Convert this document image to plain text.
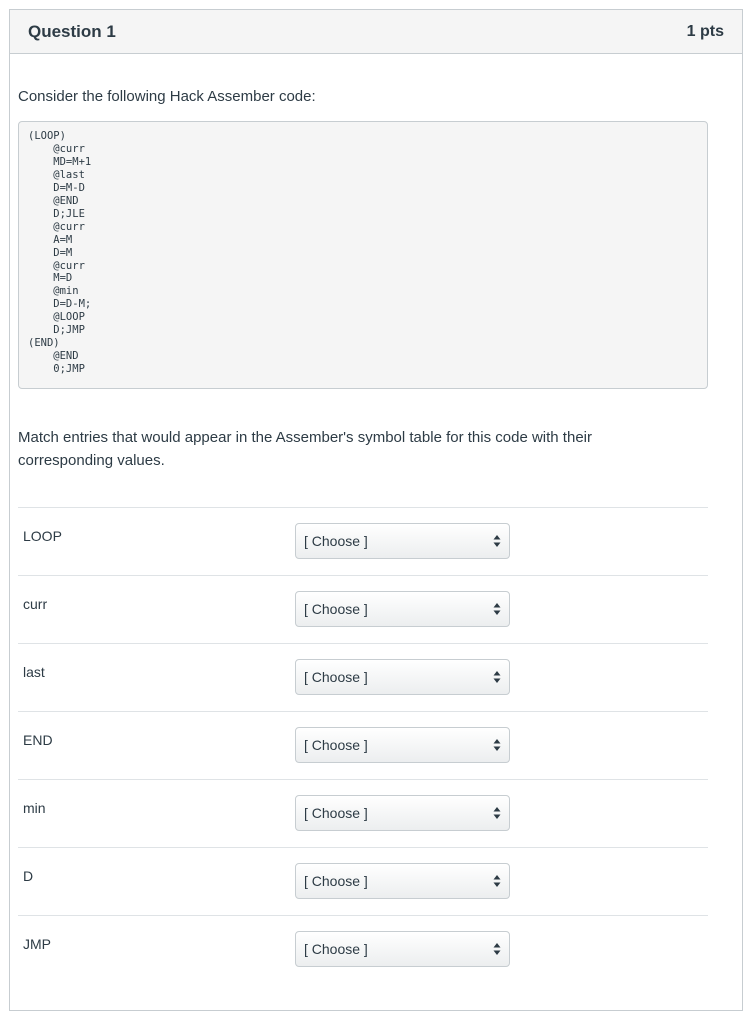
Question 1	1 pts
Consider the following Hack Assember code:
(LOOP)
@curr
MD=M+1
@last
D=M-D
@END
D;JLE
@curr
A=M
D=M
@curr
M=D
@min
D=D-M;
@LOOP
D;JMP
(END)
@END
0;JMP
Match entries that would appear in the Assember's symbol table for this code with their corresponding values.
LOOP	[ Choose ]
curr	[ Choose ]
last	[ Choose ]
END	[ Choose ]
min	[ Choose ]
D	[ Choose ]
JMP	[ Choose ]
